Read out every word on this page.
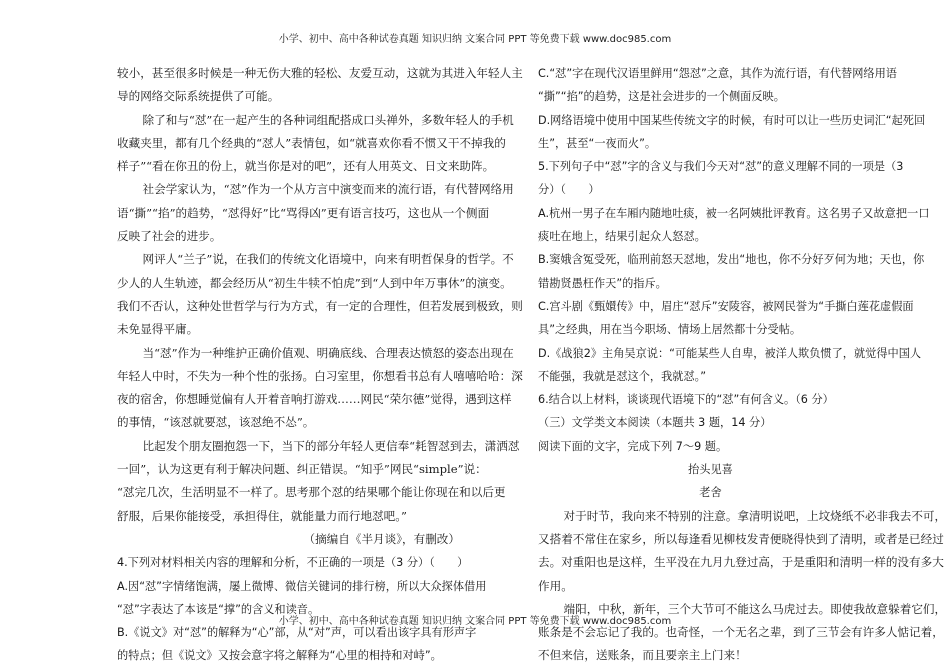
小学、初中、高中各种试卷真题 知识归纳 文案合同 PPT 等免费下载 www.doc985.com

较小，甚至很多时候是一种无伤大雅的轻松、友爱互动，这就为其进入年轻人主

导的网络交际系统提供了可能。

除了和与“怼”在一起产生的各种词组配搭成口头禅外，多数年轻人的手机

收藏夹里，都有几个经典的“怼人”表情包，如“就喜欢你看不惯又干不掉我的

样子”“看在你丑的份上，就当你是对的吧”，还有人用英文、日文来助阵。

社会学家认为，“怼”作为一个从方言中演变而来的流行语，有代替网络用

语“撕”“掐”的趋势，“怼得好”比“骂得凶”更有语言技巧，这也从一个侧面

反映了社会的进步。

网评人“兰子”说，在我们的传统文化语境中，向来有明哲保身的哲学。不

少人的人生轨迹，都会经历从“初生牛犊不怕虎”到“人到中年万事休”的演变。

我们不否认，这种处世哲学与行为方式，有一定的合理性，但若发展到极致，则

未免显得平庸。

当“怼”作为一种维护正确价值观、明确底线、合理表达愤怒的姿态出现在

年轻人中时，不失为一种个性的张扬。白习室里，你想看书总有人嘻嘻哈哈：深

夜的宿舍，你想睡觉偏有人开着音响打游戏……网民“荣尔德”觉得，遇到这样

的事情，“该怼就要怼，该怼绝不怂”。

比起发个朋友圈抱怨一下，当下的部分年轻人更信奉“耗智怼到去，潇洒怼

一回”，认为这更有利于解决问题、纠正错误。“知乎”网民“simple”说：

“怼完几次，生活明显不一样了。思考那个怼的结果哪个能让你现在和以后更

舒服，后果你能接受，承担得住，就能量力而行地怼吧。”

（摘编自《半月谈》，有删改）

4.下列对材料相关内容的理解和分析，不正确的一项是（3 分）（　　）

A.因“怼”字情绪饱满，屡上微博、微信关键词的排行榜，所以大众探体借用

“怼”字表达了本该是“撑”的含义和读音。

B.《说文》对“怼”的解释为“心”部，从“对”声，可以看出该字具有形声字

的特点；但《说文》又按会意字将之解释为“心里的相持和对峙”。

C.“怼”字在现代汉语里鲜用“怨怼”之意，其作为流行语，有代替网络用语

“撕”“掐”的趋势，这是社会进步的一个侧面反映。

D.网络语境中使用中国某些传统文字的时候，有时可以让一些历史词汇“起死回

生”，甚至“一夜而火”。

5.下列句子中“怼”字的含义与我们今天对“怼”的意义理解不同的一项是（3

分）（　　）

A.杭州一男子在车厢内随地吐痰，被一名阿姨批评教育。这名男子又故意把一口

痰吐在地上，结果引起众人怒怼。

B.窦娥含冤受死，临刑前怒天怼地，发出“地也，你不分好歹何为地；天也，你

错勘贤愚枉作天”的指斥。

C.宫斗剧《甄嬛传》中，眉庄“怼斥”安陵容，被网民誉为“手撕白莲花虚假面

具”之经典，用在当今职场、情场上居然都十分受帖。

D.《战狼2》主角吴京说：“可能某些人自卑，被洋人欺负惯了，就觉得中国人

不能强，我就是怼这个，我就怼。”

6.结合以上材料，谈谈现代语境下的“怼”有何含义。（6 分）

（三）文学类文本阅读（本题共 3 题，14 分）

阅读下面的文字，完成下列 7～9 题。

抬头见喜

老舍

对于时节，我向来不特别的注意。拿清明说吧，上坟烧纸不必非我去不可，

又搭着不常住在家乡，所以每逢看见柳枝发青便晓得快到了清明，或者是已经过

去。对重阳也是这样，生平没在九月九登过高，于是重阳和清明一样的没有多大

作用。

端阳，中秋，新年，三个大节可不能这么马虎过去。即使我故意躲着它们，

账条是不会忘记了我的。也奇怪，一个无名之辈，到了三节会有许多人惦记着，

不但来信，送账条，而且要亲主上门来！

小学、初中、高中各种试卷真题 知识归纳 文案合同 PPT 等免费下载 www.doc985.com
